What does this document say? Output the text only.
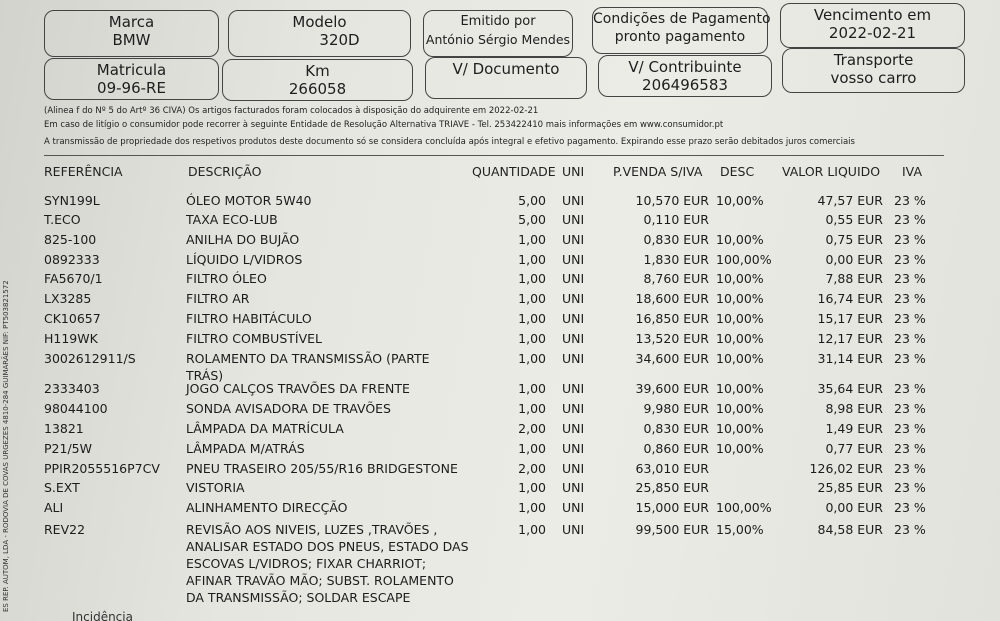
Marca
BMW
Modelo
320D
Emitido por
António Sérgio Mendes
Condições de Pagamento
pronto pagamento
Vencimento em
2022-02-21
Matricula
09-96-RE
Km
266058
V/ Documento	V/ Contribuinte
206496583
Transporte
vosso carro
(Alinea f do Nº 5 do Artº 36 CIVA) Os artigos facturados foram colocados à disposição do adquirente em 2022-02-21
Em caso de litígio o consumidor pode recorrer à seguinte Entidade de Resolução Alternativa TRIAVE - Tel. 253422410 mais informações em www.consumidor.pt
A transmissão de propriedade dos respetivos produtos deste documento só se considera concluída após integral e efetivo pagamento. Expirando esse prazo serão debitados juros comerciais
REFERÊNCIA	DESCRIÇÃO	QUANTIDADE UNI P.VENDA S/IVA DESC VALOR LIQUIDO IVA
SYN199L	ÓLEO MOTOR 5W40	5,00 UNI	10,570 EUR 10,00%	47,57 EUR 23 %
T.ECO	TAXA ECO-LUB	5,00 UNI	0,110 EUR	0,55 EUR 23 %
825-100	ANILHA DO BUJÃO	1,00 UNI	0,830 EUR 10,00%	0,75 EUR 23 %
0892333	LÍQUIDO L/VIDROS	1,00 UNI	1,830 EUR 100,00%	0,00 EUR 23 %
FA5670/1	FILTRO ÓLEO	1,00 UNI	8,760 EUR 10,00%	7,88 EUR 23 %
LX3285	FILTRO AR	1,00 UNI	18,600 EUR 10,00%	16,74 EUR 23 %
CK10657	FILTRO HABITÁCULO	1,00 UNI	16,850 EUR 10,00%	15,17 EUR 23 %
H119WK	FILTRO COMBUSTÍVEL	1,00 UNI	13,520 EUR 10,00%	12,17 EUR 23 %
3002612911/S	ROLAMENTO DA TRANSMISSÃO (PARTE	1,00 UNI	34,600 EUR 10,00%	31,14 EUR 23 %
TRÁS)
2333403	JOGO CALÇOS TRAVÕES DA FRENTE	1,00 UNI	39,600 EUR 10,00%	35,64 EUR 23 %
98044100	SONDA AVISADORA DE TRAVÕES	1,00 UNI	9,980 EUR 10,00%	8,98 EUR 23 %
13821	LÂMPADA DA MATRÍCULA	2,00 UNI	0,830 EUR 10,00%	1,49 EUR 23 %
P21/5W	LÂMPADA M/ATRÁS	1,00 UNI	0,860 EUR 10,00%	0,77 EUR 23 %
PPIR2055516P7CV PNEU TRASEIRO 205/55/R16 BRIDGESTONE	2,00 UNI	63,010 EUR	126,02 EUR 23 %
S.EXT	VISTORIA	1,00 UNI	25,850 EUR	25,85 EUR 23 %
ALI	ALINHAMENTO DIRECÇÃO	1,00 UNI	15,000 EUR 100,00%	0,00 EUR 23 %
REV22	REVISÃO AOS NIVEIS, LUZES ,TRAVÕES ,	1,00 UNI	99,500 EUR 15,00%	84,58 EUR 23 %
ANALISAR ESTADO DOS PNEUS, ESTADO DAS
ESCOVAS L/VIDROS; FIXAR CHARRIOT;
AFINAR TRAVÃO MÃO; SUBST. ROLAMENTO
DA TRANSMISSÃO; SOLDAR ESCAPE
ES REP. AUTOM, LDA - RODOVIA DE COVAS URGEZES 4810-284 GUIMARÃES NIF: PT503821572
Incidência
